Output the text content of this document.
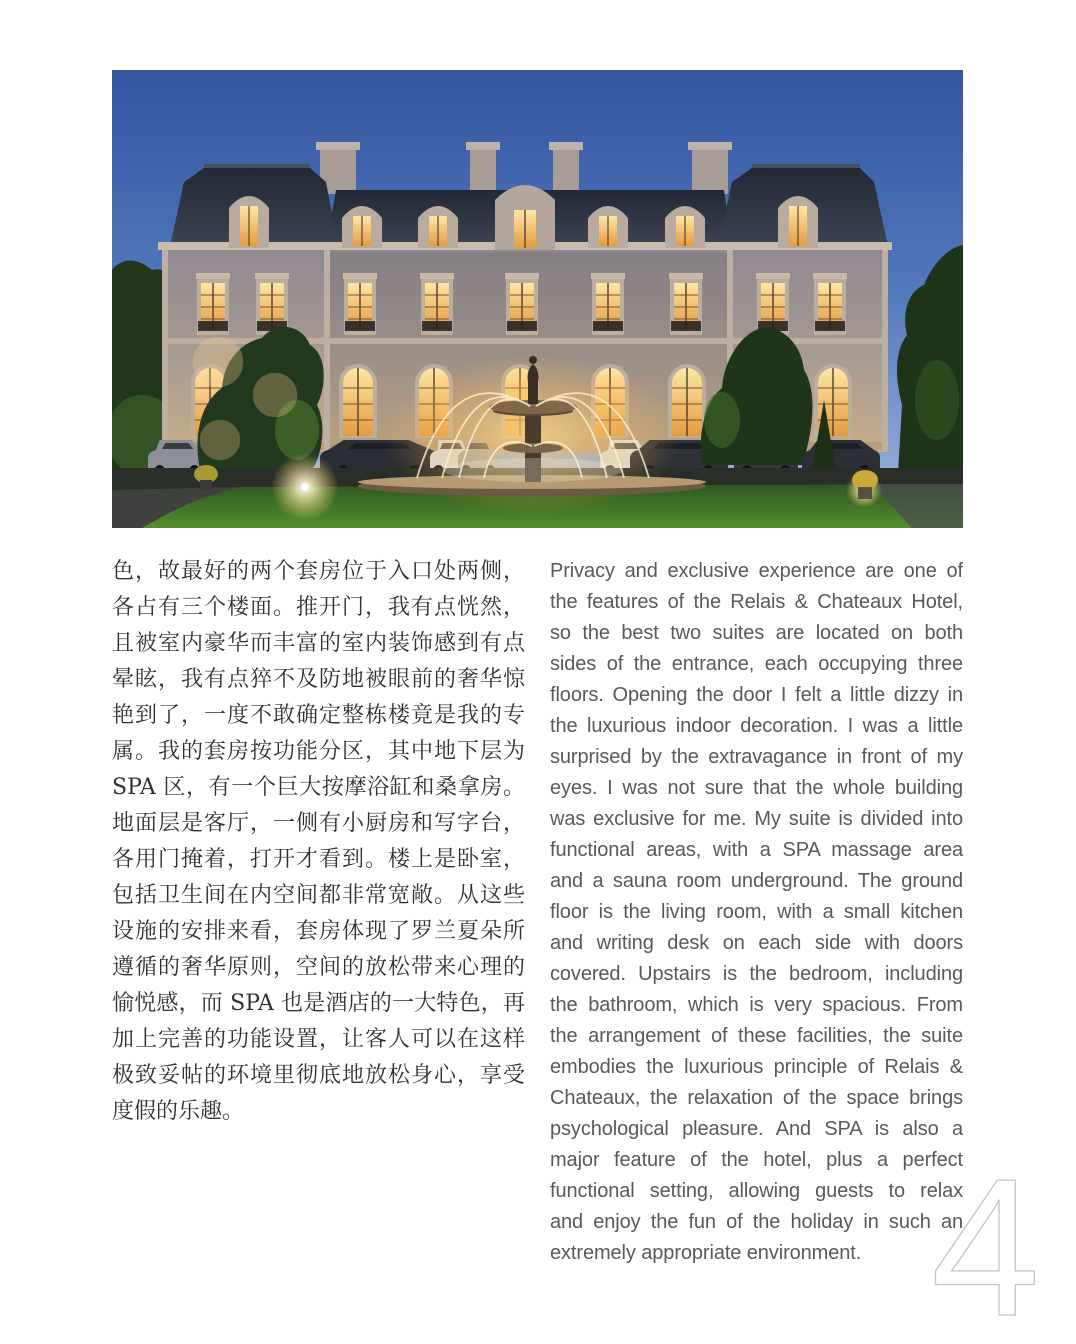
色，故最好的两个套房位于入口处两侧，
各占有三个楼面。推开门，我有点恍然，
且被室内豪华而丰富的室内装饰感到有点
晕眩，我有点猝不及防地被眼前的奢华惊
艳到了，一度不敢确定整栋楼竟是我的专
属。我的套房按功能分区，其中地下层为
SPA 区，有一个巨大按摩浴缸和桑拿房。
地面层是客厅，一侧有小厨房和写字台，
各用门掩着，打开才看到。楼上是卧室，
包括卫生间在内空间都非常宽敞。从这些
设施的安排来看，套房体现了罗兰夏朵所
遵循的奢华原则，空间的放松带来心理的
愉悦感，而 SPA 也是酒店的一大特色，再
加上完善的功能设置，让客人可以在这样
极致妥帖的环境里彻底地放松身心，享受
度假的乐趣。
Privacy and exclusive experience are one of
the features of the Relais & Chateaux Hotel,
so the best two suites are located on both
sides of the entrance, each occupying three
floors. Opening the door I felt a little dizzy in
the luxurious indoor decoration. I was a little
surprised by the extravagance in front of my
eyes. I was not sure that the whole building
was exclusive for me. My suite is divided into
functional areas, with a SPA massage area
and a sauna room underground. The ground
floor is the living room, with a small kitchen
and writing desk on each side with doors
covered. Upstairs is the bedroom, including
the bathroom, which is very spacious. From
the arrangement of these facilities, the suite
embodies the luxurious principle of Relais &
Chateaux, the relaxation of the space brings
psychological pleasure. And SPA is also a
major feature of the hotel, plus a perfect
functional setting, allowing guests to relax
and enjoy the fun of the holiday in such an
extremely appropriate environment. 4
